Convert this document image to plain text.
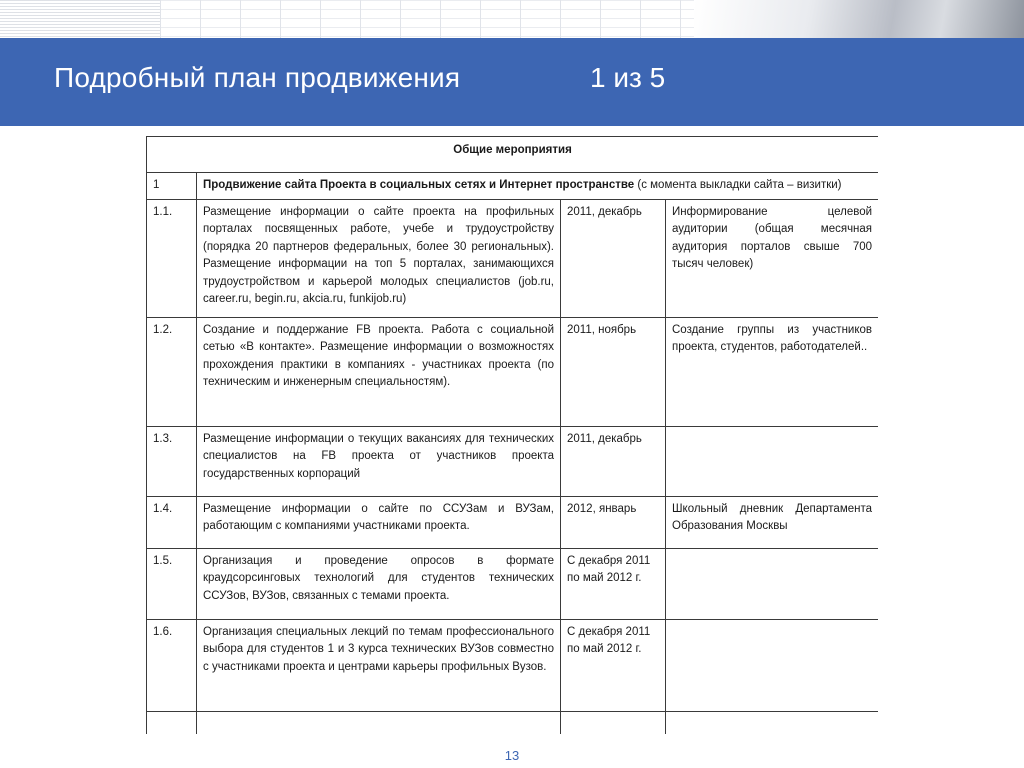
Подробный план продвижения	1 из 5
Общие мероприятия			
1	Продвижение сайта Проекта в социальных сетях и Интернет пространстве (с момента выкладки сайта – визитки)		
1.1.	Размещение информации о сайте проекта на профильных порталах посвященных работе, учебе и трудоустройству (порядка 20 партнеров федеральных, более 30 региональных). Размещение информации на топ 5 порталах, занимающихся трудоустройством и карьерой молодых специалистов (job.ru, career.ru, begin.ru, akcia.ru, funkijob.ru)	2011, декабрь	Информирование целевой аудитории (общая месячная аудитория порталов свыше 700 тысяч человек)
1.2.	Создание и поддержание FB проекта. Работа с социальной сетью «В контакте». Размещение информации о возможностях прохождения практики в компаниях - участниках проекта (по техническим и инженерным специальностям).	2011, ноябрь	Создание группы из участников проекта, студентов, работодателей..
1.3.	Размещение информации о текущих вакансиях для технических специалистов на FB проекта от участников проекта государственных корпораций	2011, декабрь	
1.4.	Размещение информации о сайте по ССУЗам и ВУЗам, работающим с компаниями участниками проекта.	2012, январь	Школьный дневник Департамента Образования Москвы
1.5.	Организация и проведение опросов в формате краудсорсинговых технологий для студентов технических ССУЗов, ВУЗов, связанных с темами проекта.	С декабря 2011 по май 2012 г.	
1.6.	Организация специальных лекций по темам профессионального выбора для студентов 1 и 3 курса технических ВУЗов совместно с участниками проекта и центрами карьеры профильных Вузов.	С декабря 2011 по май 2012 г.	

13
